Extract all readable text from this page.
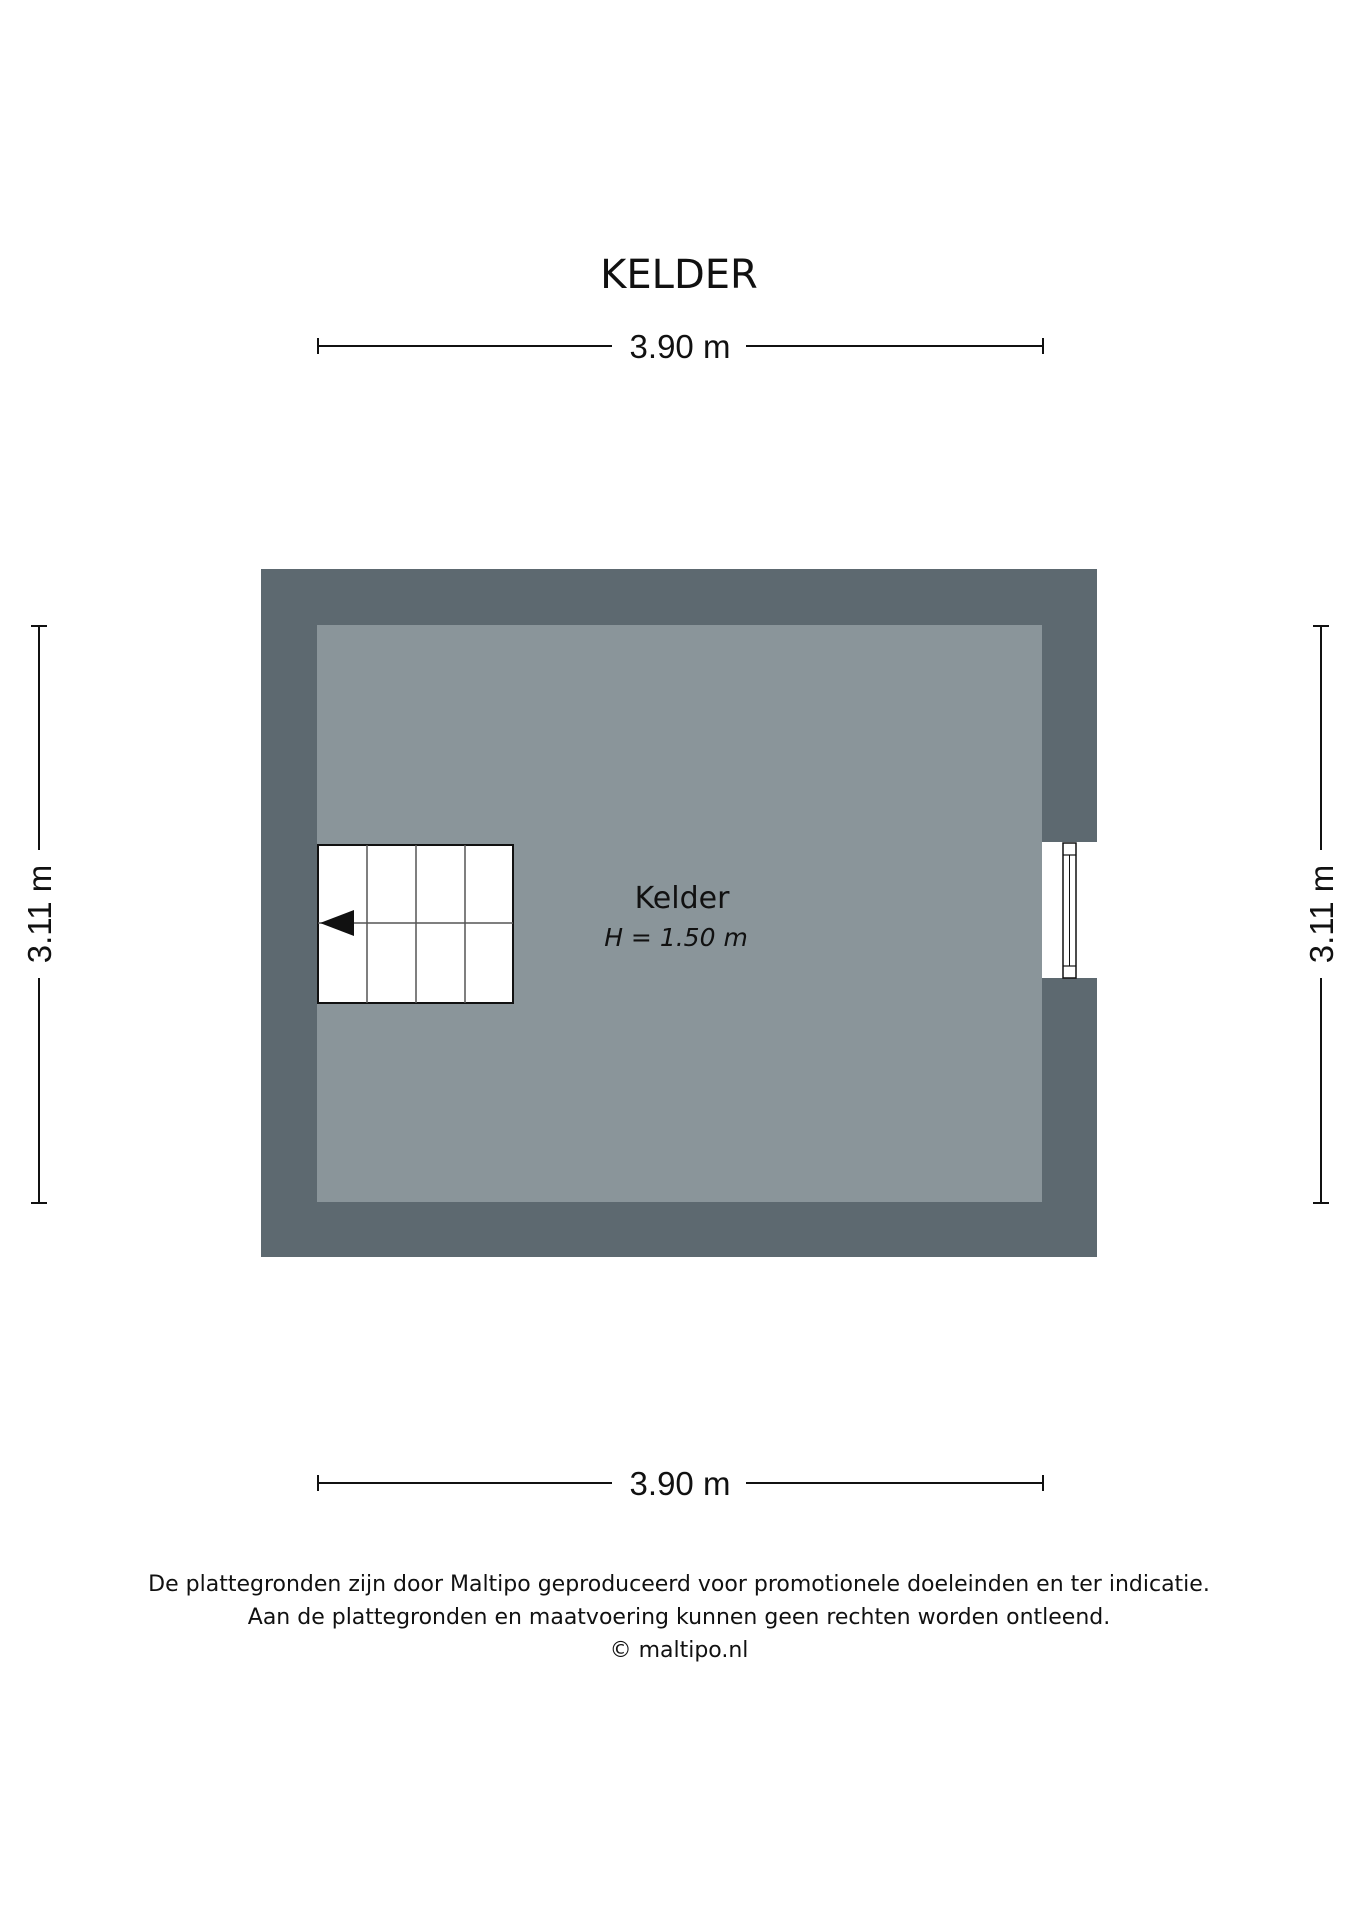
KELDER
3.90 m
3.90 m
3.11 m	3.11 m
Kelder
H = 1.50 m
De plattegronden zijn door Maltipo geproduceerd voor promotionele doeleinden en ter indicatie.
Aan de plattegronden en maatvoering kunnen geen rechten worden ontleend.
© maltipo.nl
